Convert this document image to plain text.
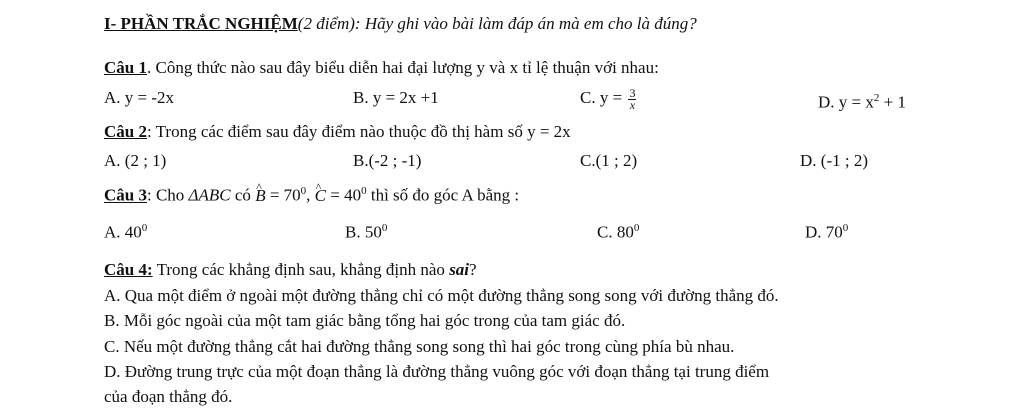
I- PHẦN TRẮC NGHIỆM(2 điểm): Hãy ghi vào bài làm đáp án mà em cho là đúng?
Câu 1. Công thức nào sau đây biểu diễn hai đại lượng y và x tỉ lệ thuận với nhau:
A. y = -2x	B. y = 2x +1	C. $y = \frac{3}{x}$	D. $y = x^2 + 1$
Câu 2: Trong các điểm sau đây điểm nào thuộc đồ thị hàm số y = 2x
A. (2 ; 1)	B.(-2 ; -1)	C.(1 ; 2)	D. (-1 ; 2)
Câu 3: Cho ΔABC có ^ $B = 70^0$, ^ $C = 40^0$ thì số đo góc A bằng :
A. $40^0$	B. $50^0$	C. $80^0$	D. $70^0$
Câu 4: Trong các khẳng định sau, khẳng định nào sai?
A. Qua một điểm ở ngoài một đường thẳng chỉ có một đường thẳng song song với đường thẳng đó.
B. Mỗi góc ngoài của một tam giác bằng tổng hai góc trong của tam giác đó.
C. Nếu một đường thẳng cắt hai đường thẳng song song thì hai góc trong cùng phía bù nhau.
D. Đường trung trực của một đoạn thẳng là đường thẳng vuông góc với đoạn thẳng tại trung điểm
của đoạn thẳng đó.
